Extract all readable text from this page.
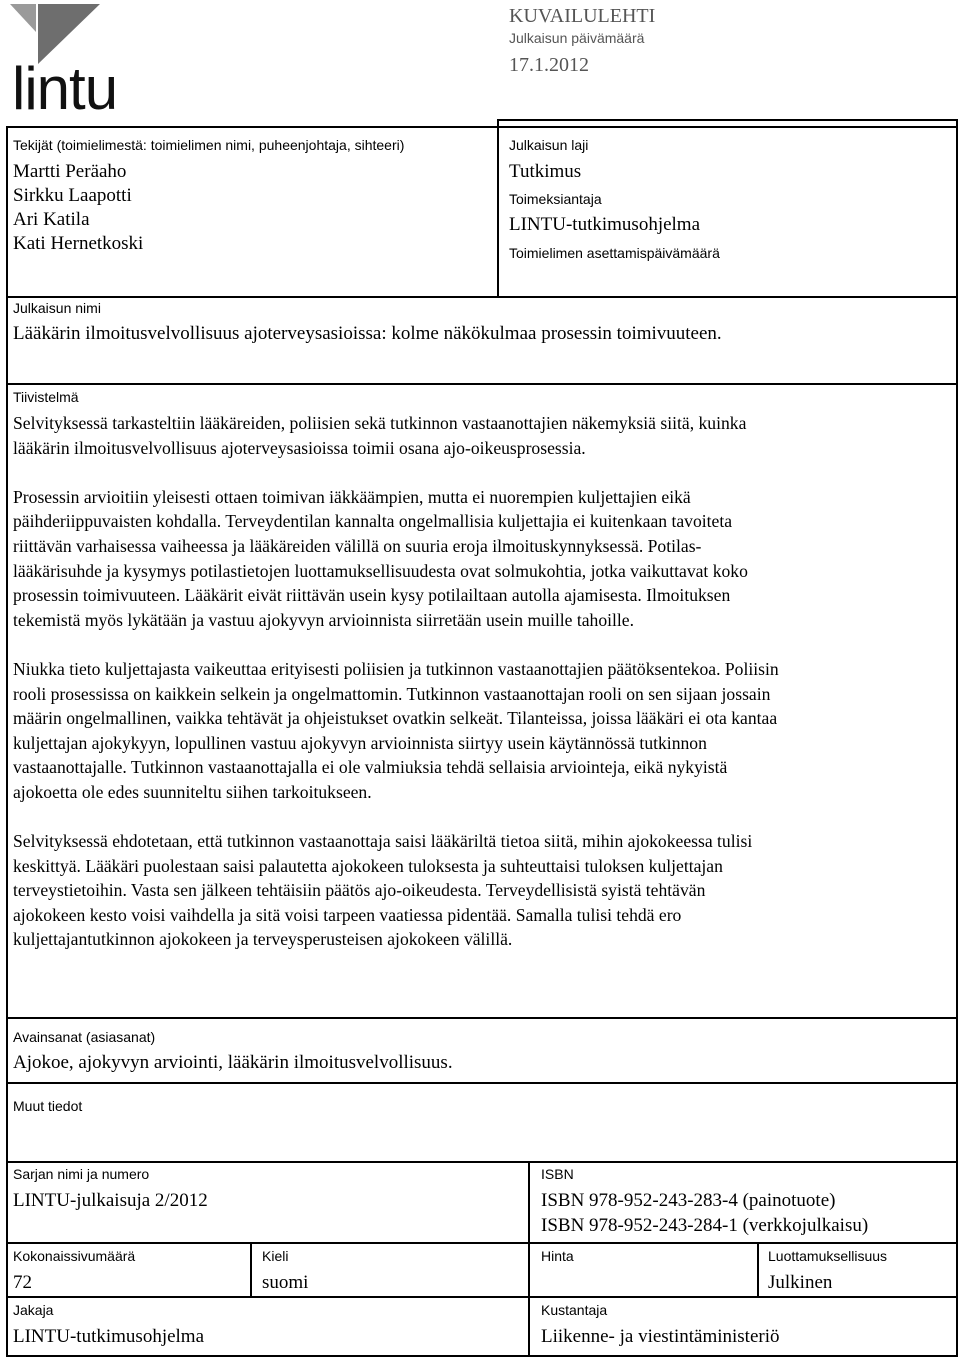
lintu
KUVAILULEHTI
Julkaisun päivämäärä
17.1.2012
Tekijät (toimielimestä: toimielimen nimi, puheenjohtaja, sihteeri)
Martti Peräaho
Sirkku Laapotti
Ari Katila
Kati Hernetkoski
Julkaisun laji
Tutkimus
Toimeksiantaja
LINTU-tutkimusohjelma
Toimielimen asettamispäivämäärä
Julkaisun nimi
Lääkärin ilmoitusvelvollisuus ajoterveysasioissa: kolme näkökulmaa prosessin toimivuuteen.
Tiivistelmä
Selvityksessä tarkasteltiin lääkäreiden, poliisien sekä tutkinnon vastaanottajien näkemyksiä siitä, kuinka
lääkärin ilmoitusvelvollisuus ajoterveysasioissa toimii osana ajo-oikeusprosessia.
Prosessin arvioitiin yleisesti ottaen toimivan iäkkäämpien, mutta ei nuorempien kuljettajien eikä
päihderiippuvaisten kohdalla. Terveydentilan kannalta ongelmallisia kuljettajia ei kuitenkaan tavoiteta
riittävän varhaisessa vaiheessa ja lääkäreiden välillä on suuria eroja ilmoituskynnyksessä. Potilas-
lääkärisuhde ja kysymys potilastietojen luottamuksellisuudesta ovat solmukohtia, jotka vaikuttavat koko
prosessin toimivuuteen. Lääkärit eivät riittävän usein kysy potilailtaan autolla ajamisesta. Ilmoituksen
tekemistä myös lykätään ja vastuu ajokyvyn arvioinnista siirretään usein muille tahoille.
Niukka tieto kuljettajasta vaikeuttaa erityisesti poliisien ja tutkinnon vastaanottajien päätöksentekoa. Poliisin
rooli prosessissa on kaikkein selkein ja ongelmattomin. Tutkinnon vastaanottajan rooli on sen sijaan jossain
määrin ongelmallinen, vaikka tehtävät ja ohjeistukset ovatkin selkeät. Tilanteissa, joissa lääkäri ei ota kantaa
kuljettajan ajokykyyn, lopullinen vastuu ajokyvyn arvioinnista siirtyy usein käytännössä tutkinnon
vastaanottajalle. Tutkinnon vastaanottajalla ei ole valmiuksia tehdä sellaisia arviointeja, eikä nykyistä
ajokoetta ole edes suunniteltu siihen tarkoitukseen.
Selvityksessä ehdotetaan, että tutkinnon vastaanottaja saisi lääkäriltä tietoa siitä, mihin ajokokeessa tulisi
keskittyä. Lääkäri puolestaan saisi palautetta ajokokeen tuloksesta ja suhteuttaisi tuloksen kuljettajan
terveystietoihin. Vasta sen jälkeen tehtäisiin päätös ajo-oikeudesta. Terveydellisistä syistä tehtävän
ajokokeen kesto voisi vaihdella ja sitä voisi tarpeen vaatiessa pidentää. Samalla tulisi tehdä ero
kuljettajantutkinnon ajokokeen ja terveysperusteisen ajokokeen välillä.
Avainsanat (asiasanat)
Ajokoe, ajokyvyn arviointi, lääkärin ilmoitusvelvollisuus.
Muut tiedot
Sarjan nimi ja numero
LINTU-julkaisuja 2/2012
ISBN
ISBN 978-952-243-283-4 (painotuote)
ISBN 978-952-243-284-1 (verkkojulkaisu)
Kokonaissivumäärä
72
Kieli
suomi
Hinta	Luottamuksellisuus
Julkinen
Jakaja
LINTU-tutkimusohjelma
Kustantaja
Liikenne- ja viestintäministeriö
